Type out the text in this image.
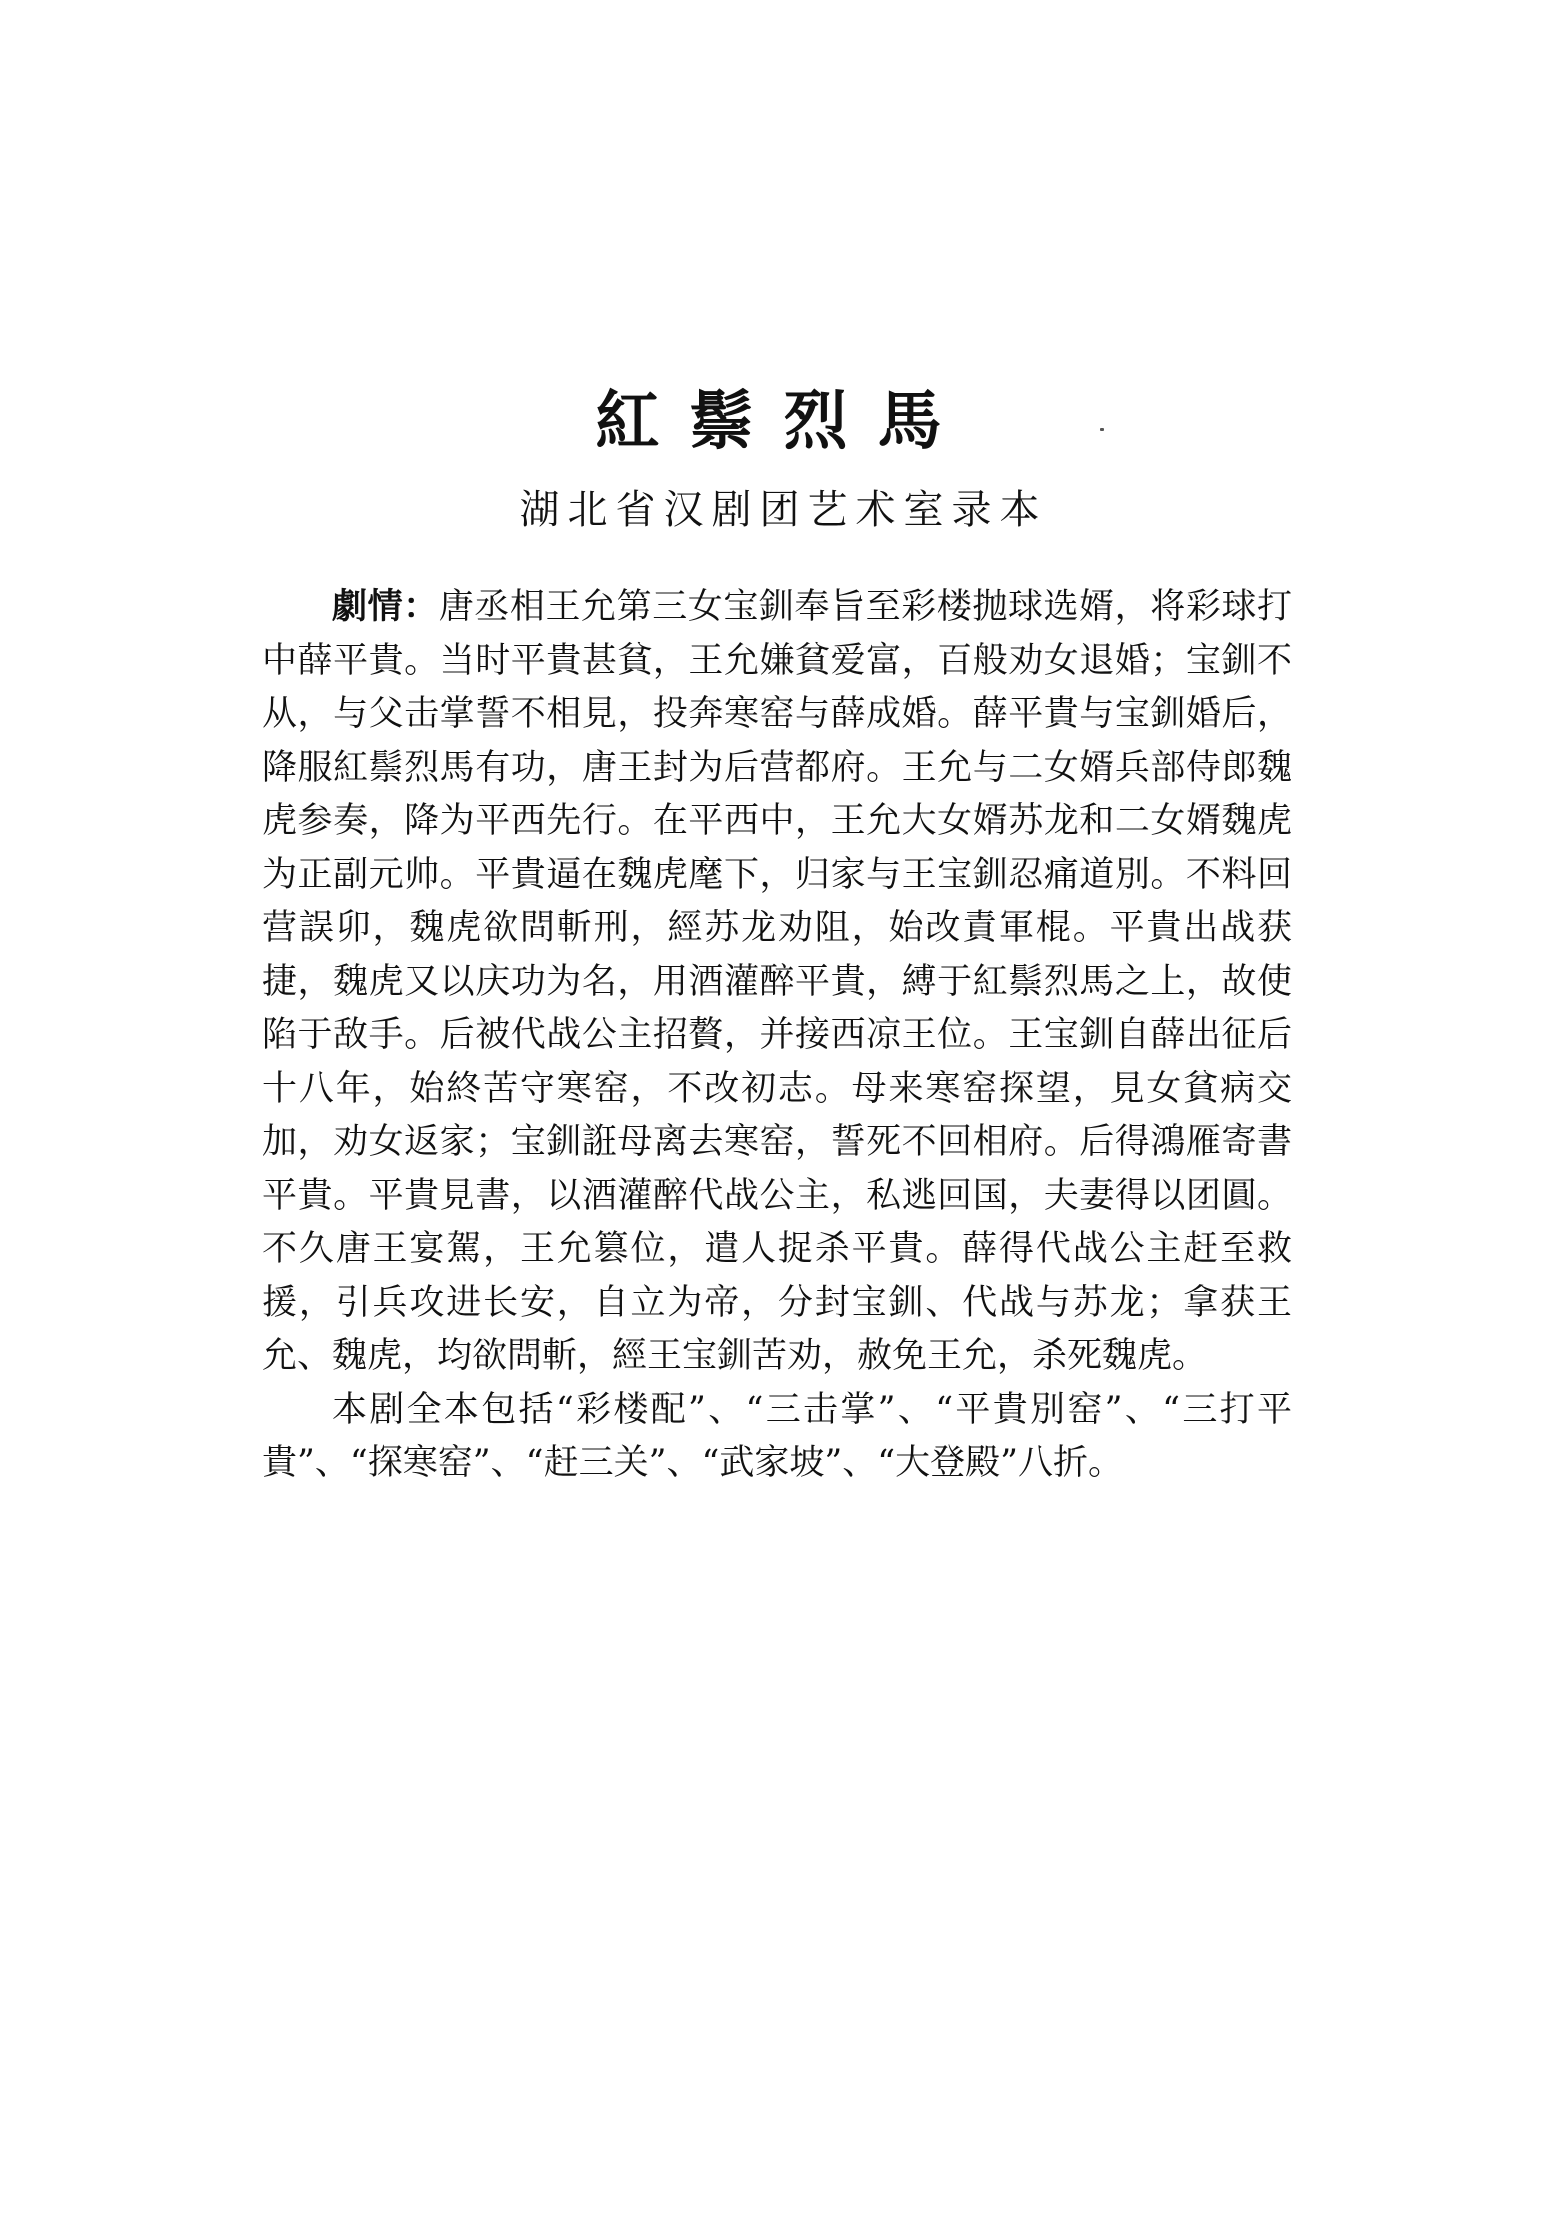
紅鬃烈馬
湖北省汉剧团艺术室录本

劇情：唐丞相王允第三女宝釧奉旨至彩楼抛球选婿，将彩球打中薛平貴。当时平貴甚貧，王允嫌貧爱富，百般劝女退婚；宝釧不从，与父击掌誓不相見，投奔寒窑与薛成婚。薛平貴与宝釧婚后，降服紅鬃烈馬有功，唐王封为后营都府。王允与二女婿兵部侍郎魏虎参奏，降为平西先行。在平西中，王允大女婿苏龙和二女婿魏虎为正副元帅。平貴逼在魏虎麾下，归家与王宝釧忍痛道別。不料回营誤卯，魏虎欲問斬刑，經苏龙劝阻，始改責軍棍。平貴出战获捷，魏虎又以庆功为名，用酒灌醉平貴，縛于紅鬃烈馬之上，故使陷于敌手。后被代战公主招贅，并接西凉王位。王宝釧自薛出征后十八年，始終苦守寒窑，不改初志。母来寒窑探望，見女貧病交加，劝女返家；宝釧誑母离去寒窑，誓死不回相府。后得鴻雁寄書平貴。平貴見書，以酒灌醉代战公主，私逃回国，夫妻得以团圓。不久唐王宴駕，王允篡位，遣人捉杀平貴。薛得代战公主赶至救援，引兵攻进长安，自立为帝，分封宝釧、代战与苏龙；拿获王允、魏虎，均欲問斬，經王宝釧苦劝，赦免王允，杀死魏虎。

本剧全本包括“彩楼配”、“三击掌”、“平貴別窑”、“三打平貴”、“探寒窑”、“赶三关”、“武家坡”、“大登殿”八折。
